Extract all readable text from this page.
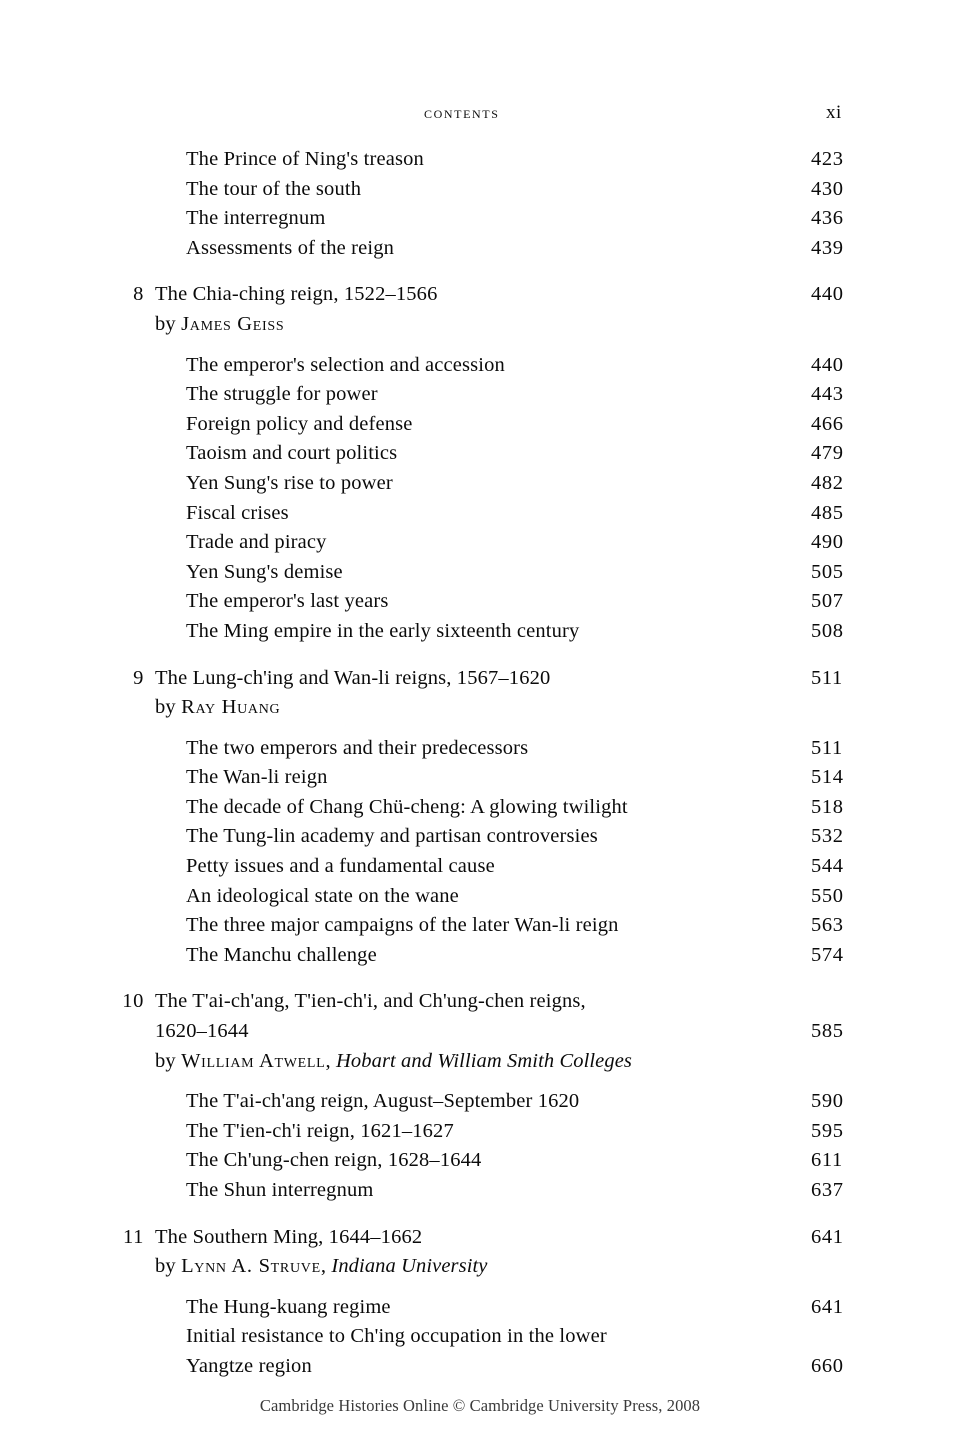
contents	xi
The Prince of Ning's treason	423
The tour of the south	430
The interregnum	436
Assessments of the reign	439
8 The Chia-ching reign, 1522–1566	440
by James Geiss
The emperor's selection and accession	440
The struggle for power	443
Foreign policy and defense	466
Taoism and court politics	479
Yen Sung's rise to power	482
Fiscal crises	485
Trade and piracy	490
Yen Sung's demise	505
The emperor's last years	507
The Ming empire in the early sixteenth century	508
9 The Lung-ch'ing and Wan-li reigns, 1567–1620	511
by Ray Huang
The two emperors and their predecessors	511
The Wan-li reign	514
The decade of Chang Chü-cheng: A glowing twilight	518
The Tung-lin academy and partisan controversies	532
Petty issues and a fundamental cause	544
An ideological state on the wane	550
The three major campaigns of the later Wan-li reign	563
The Manchu challenge	574
10 The T'ai-ch'ang, T'ien-ch'i, and Ch'ung-chen reigns,
1620–1644	585
by William Atwell, Hobart and William Smith Colleges
The T'ai-ch'ang reign, August–September 1620	590
The T'ien-ch'i reign, 1621–1627	595
The Ch'ung-chen reign, 1628–1644	611
The Shun interregnum	637
11 The Southern Ming, 1644–1662	641
by Lynn A. Struve, Indiana University
The Hung-kuang regime	641
Initial resistance to Ch'ing occupation in the lower
Yangtze region	660
Cambridge Histories Online © Cambridge University Press, 2008
